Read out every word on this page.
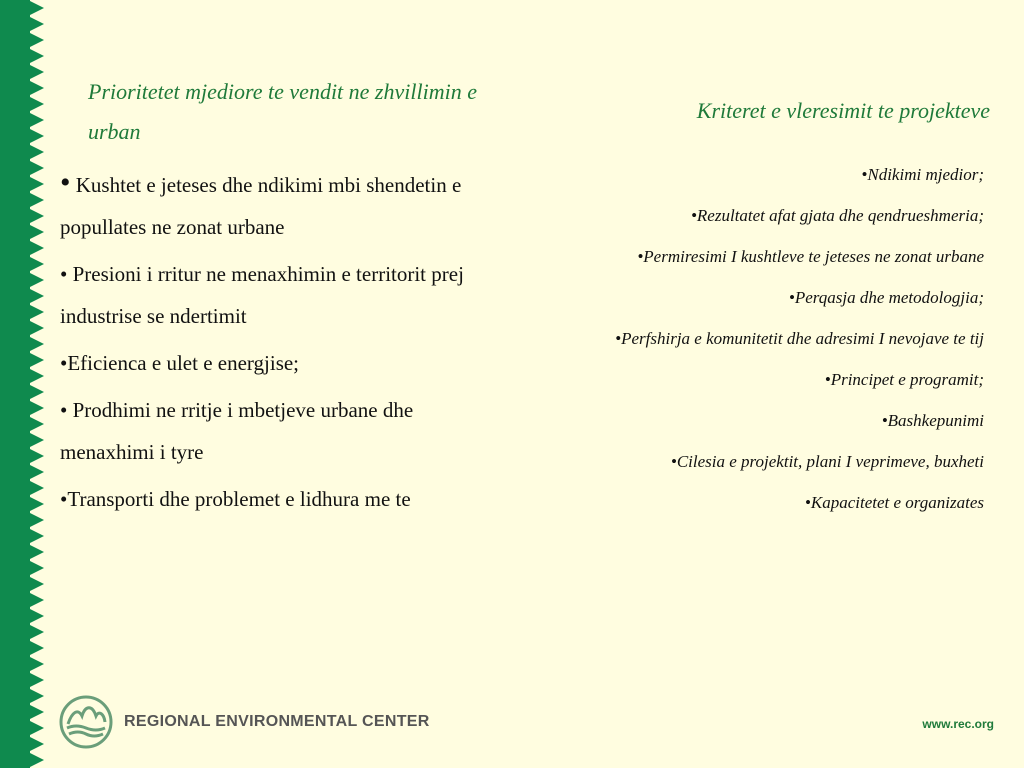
Prioritetet mjediore te vendit ne zhvillimin e urban
• Kushtet e jeteses dhe ndikimi mbi shendetin e popullates ne zonat urbane
• Presioni i rritur ne menaxhimin e territorit prej industrise se ndertimit
•Eficienca e ulet e energjise;
• Prodhimi ne rritje i mbetjeve urbane dhe menaxhimi i tyre
•Transporti dhe problemet e lidhura me te
Kriteret e vleresimit te projekteve
•Ndikimi mjedior;
•Rezultatet afat gjata dhe qendrueshmeria;
•Permiresimi I kushtleve te jeteses ne zonat urbane
•Perqasja dhe metodologjia;
•Perfshirja e komunitetit dhe adresimi I nevojave te tij
•Principet e programit;
•Bashkepunimi
•Cilesia e projektit, plani I veprimeve, buxheti
•Kapacitetet e organizates
REGIONAL ENVIRONMENTAL CENTER	www.rec.org
